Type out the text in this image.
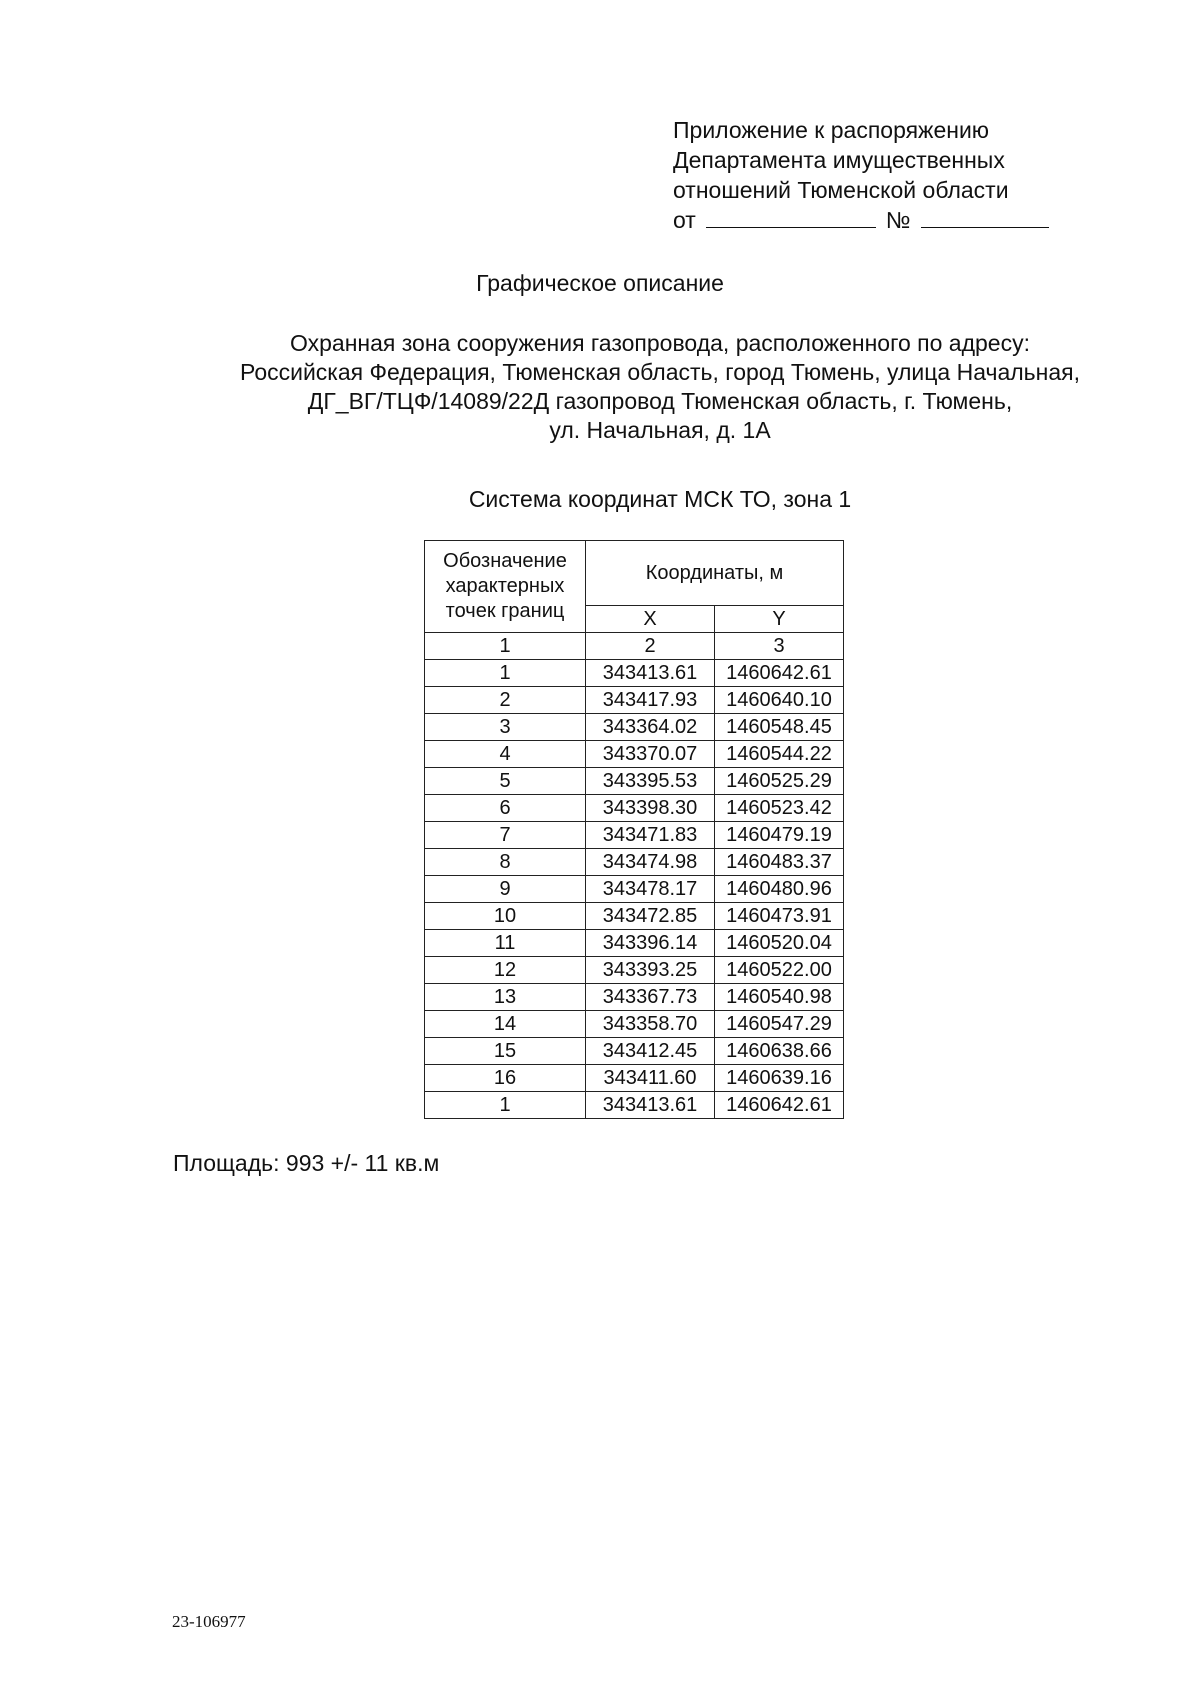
Приложение к распоряжению
Департамента имущественных
отношений Тюменской области
от	№
Графическое описание
Охранная зона сооружения газопровода, расположенного по адресу:
Российская Федерация, Тюменская область, город Тюмень, улица Начальная,
ДГ_ВГ/ТЦФ/14089/22Д газопровод Тюменская область, г. Тюмень,
ул. Начальная, д. 1А
Система координат МСК ТО, зона 1
Обозначение характерных точек границ	Координаты, м	
	X	Y
1	2	3
1	343413.61	1460642.61
2	343417.93	1460640.10
3	343364.02	1460548.45
4	343370.07	1460544.22
5	343395.53	1460525.29
6	343398.30	1460523.42
7	343471.83	1460479.19
8	343474.98	1460483.37
9	343478.17	1460480.96
10	343472.85	1460473.91
11	343396.14	1460520.04
12	343393.25	1460522.00
13	343367.73	1460540.98
14	343358.70	1460547.29
15	343412.45	1460638.66
16	343411.60	1460639.16
1	343413.61	1460642.61
Площадь: 993 +/- 11 кв.м
23-106977
